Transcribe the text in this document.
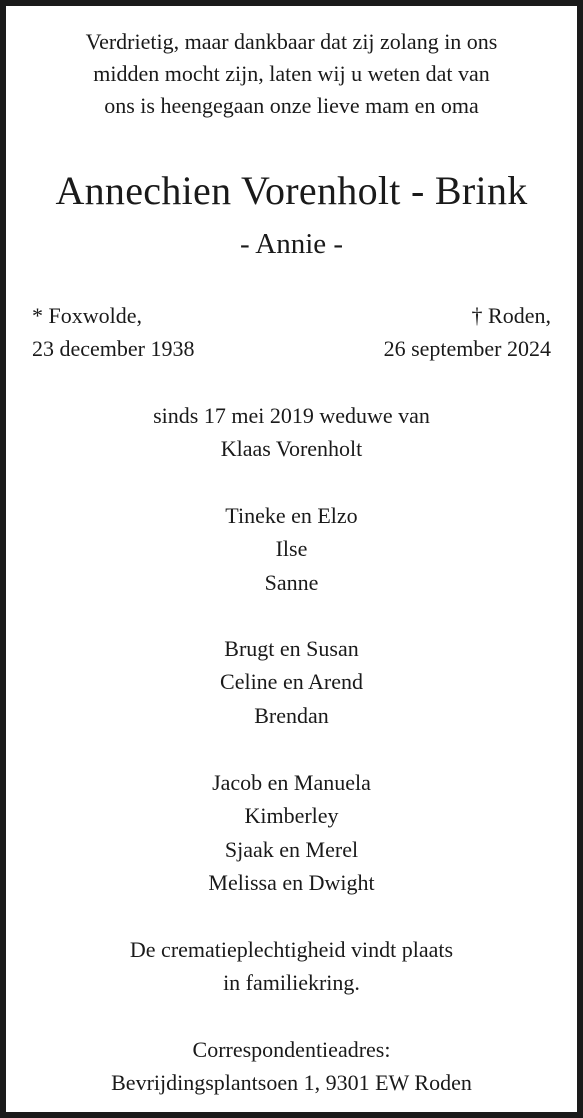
Verdrietig, maar dankbaar dat zij zolang in ons
midden mocht zijn, laten wij u weten dat van
ons is heengegaan onze lieve mam en oma
Annechien Vorenholt - Brink
- Annie -
* Foxwolde,
23 december 1938
† Roden,
26 september 2024
sinds 17 mei 2019 weduwe van
Klaas Vorenholt
Tineke en Elzo
Ilse
Sanne
Brugt en Susan
Celine en Arend
Brendan
Jacob en Manuela
Kimberley
Sjaak en Merel
Melissa en Dwight
De crematieplechtigheid vindt plaats
in familiekring.
Correspondentieadres:
Bevrijdingsplantsoen 1, 9301 EW Roden
